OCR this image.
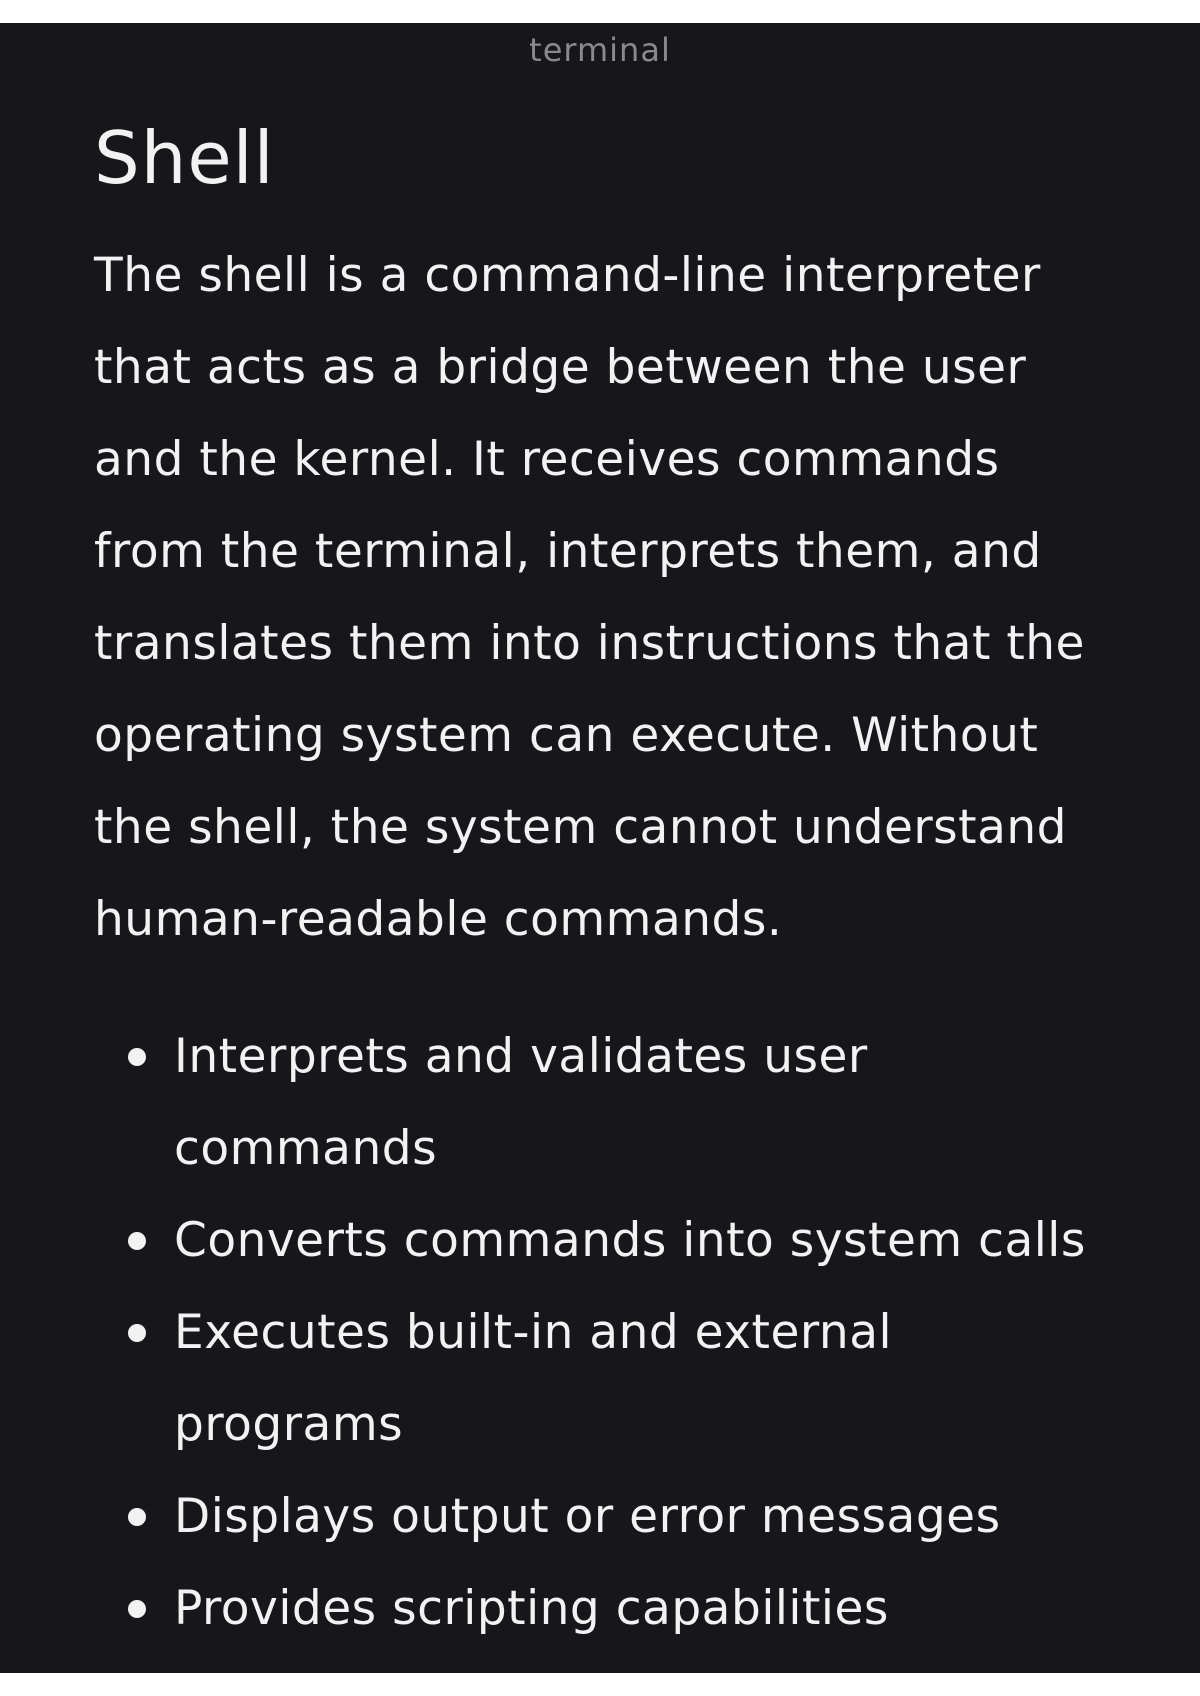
terminal
Shell

The shell is a command-line interpreter that acts as a bridge between the user and the kernel. It receives commands from the terminal, interprets them, and translates them into instructions that the operating system can execute. Without the shell, the system cannot understand human-readable commands.

Interprets and validates user commands
Converts commands into system calls
Executes built-in and external programs
Displays output or error messages
Provides scripting capabilities
